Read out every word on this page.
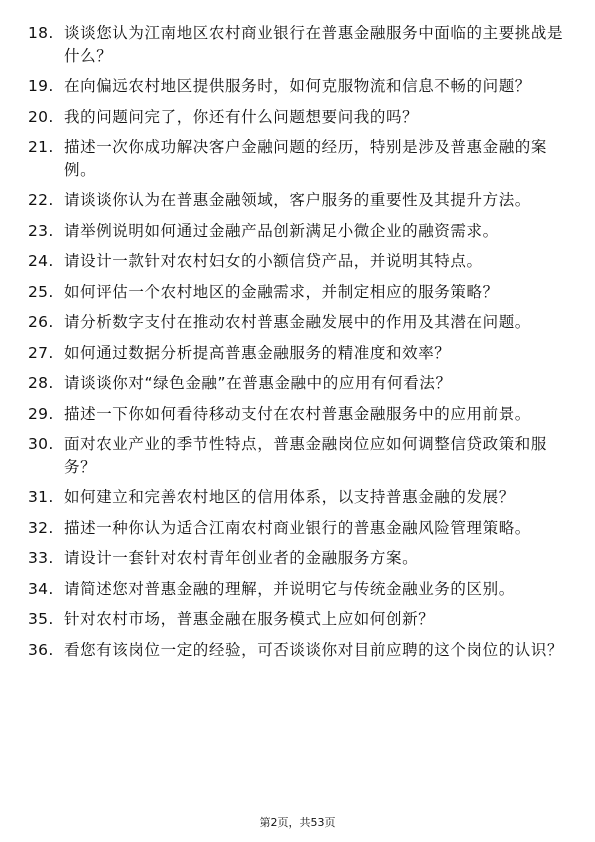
18. 谈谈您认为江南地区农村商业银行在普惠金融服务中面临的主要挑战是什么？
19. 在向偏远农村地区提供服务时，如何克服物流和信息不畅的问题？
20. 我的问题问完了，你还有什么问题想要问我的吗？
21. 描述一次你成功解决客户金融问题的经历，特别是涉及普惠金融的案例。
22. 请谈谈你认为在普惠金融领域，客户服务的重要性及其提升方法。
23. 请举例说明如何通过金融产品创新满足小微企业的融资需求。
24. 请设计一款针对农村妇女的小额信贷产品，并说明其特点。
25. 如何评估一个农村地区的金融需求，并制定相应的服务策略？
26. 请分析数字支付在推动农村普惠金融发展中的作用及其潜在问题。
27. 如何通过数据分析提高普惠金融服务的精准度和效率？
28. 请谈谈你对“绿色金融”在普惠金融中的应用有何看法？
29. 描述一下你如何看待移动支付在农村普惠金融服务中的应用前景。
30. 面对农业产业的季节性特点，普惠金融岗位应如何调整信贷政策和服务？
31. 如何建立和完善农村地区的信用体系，以支持普惠金融的发展？
32. 描述一种你认为适合江南农村商业银行的普惠金融风险管理策略。
33. 请设计一套针对农村青年创业者的金融服务方案。
34. 请简述您对普惠金融的理解，并说明它与传统金融业务的区别。
35. 针对农村市场，普惠金融在服务模式上应如何创新？
36. 看您有该岗位一定的经验，可否谈谈你对目前应聘的这个岗位的认识？
第2页，共53页
